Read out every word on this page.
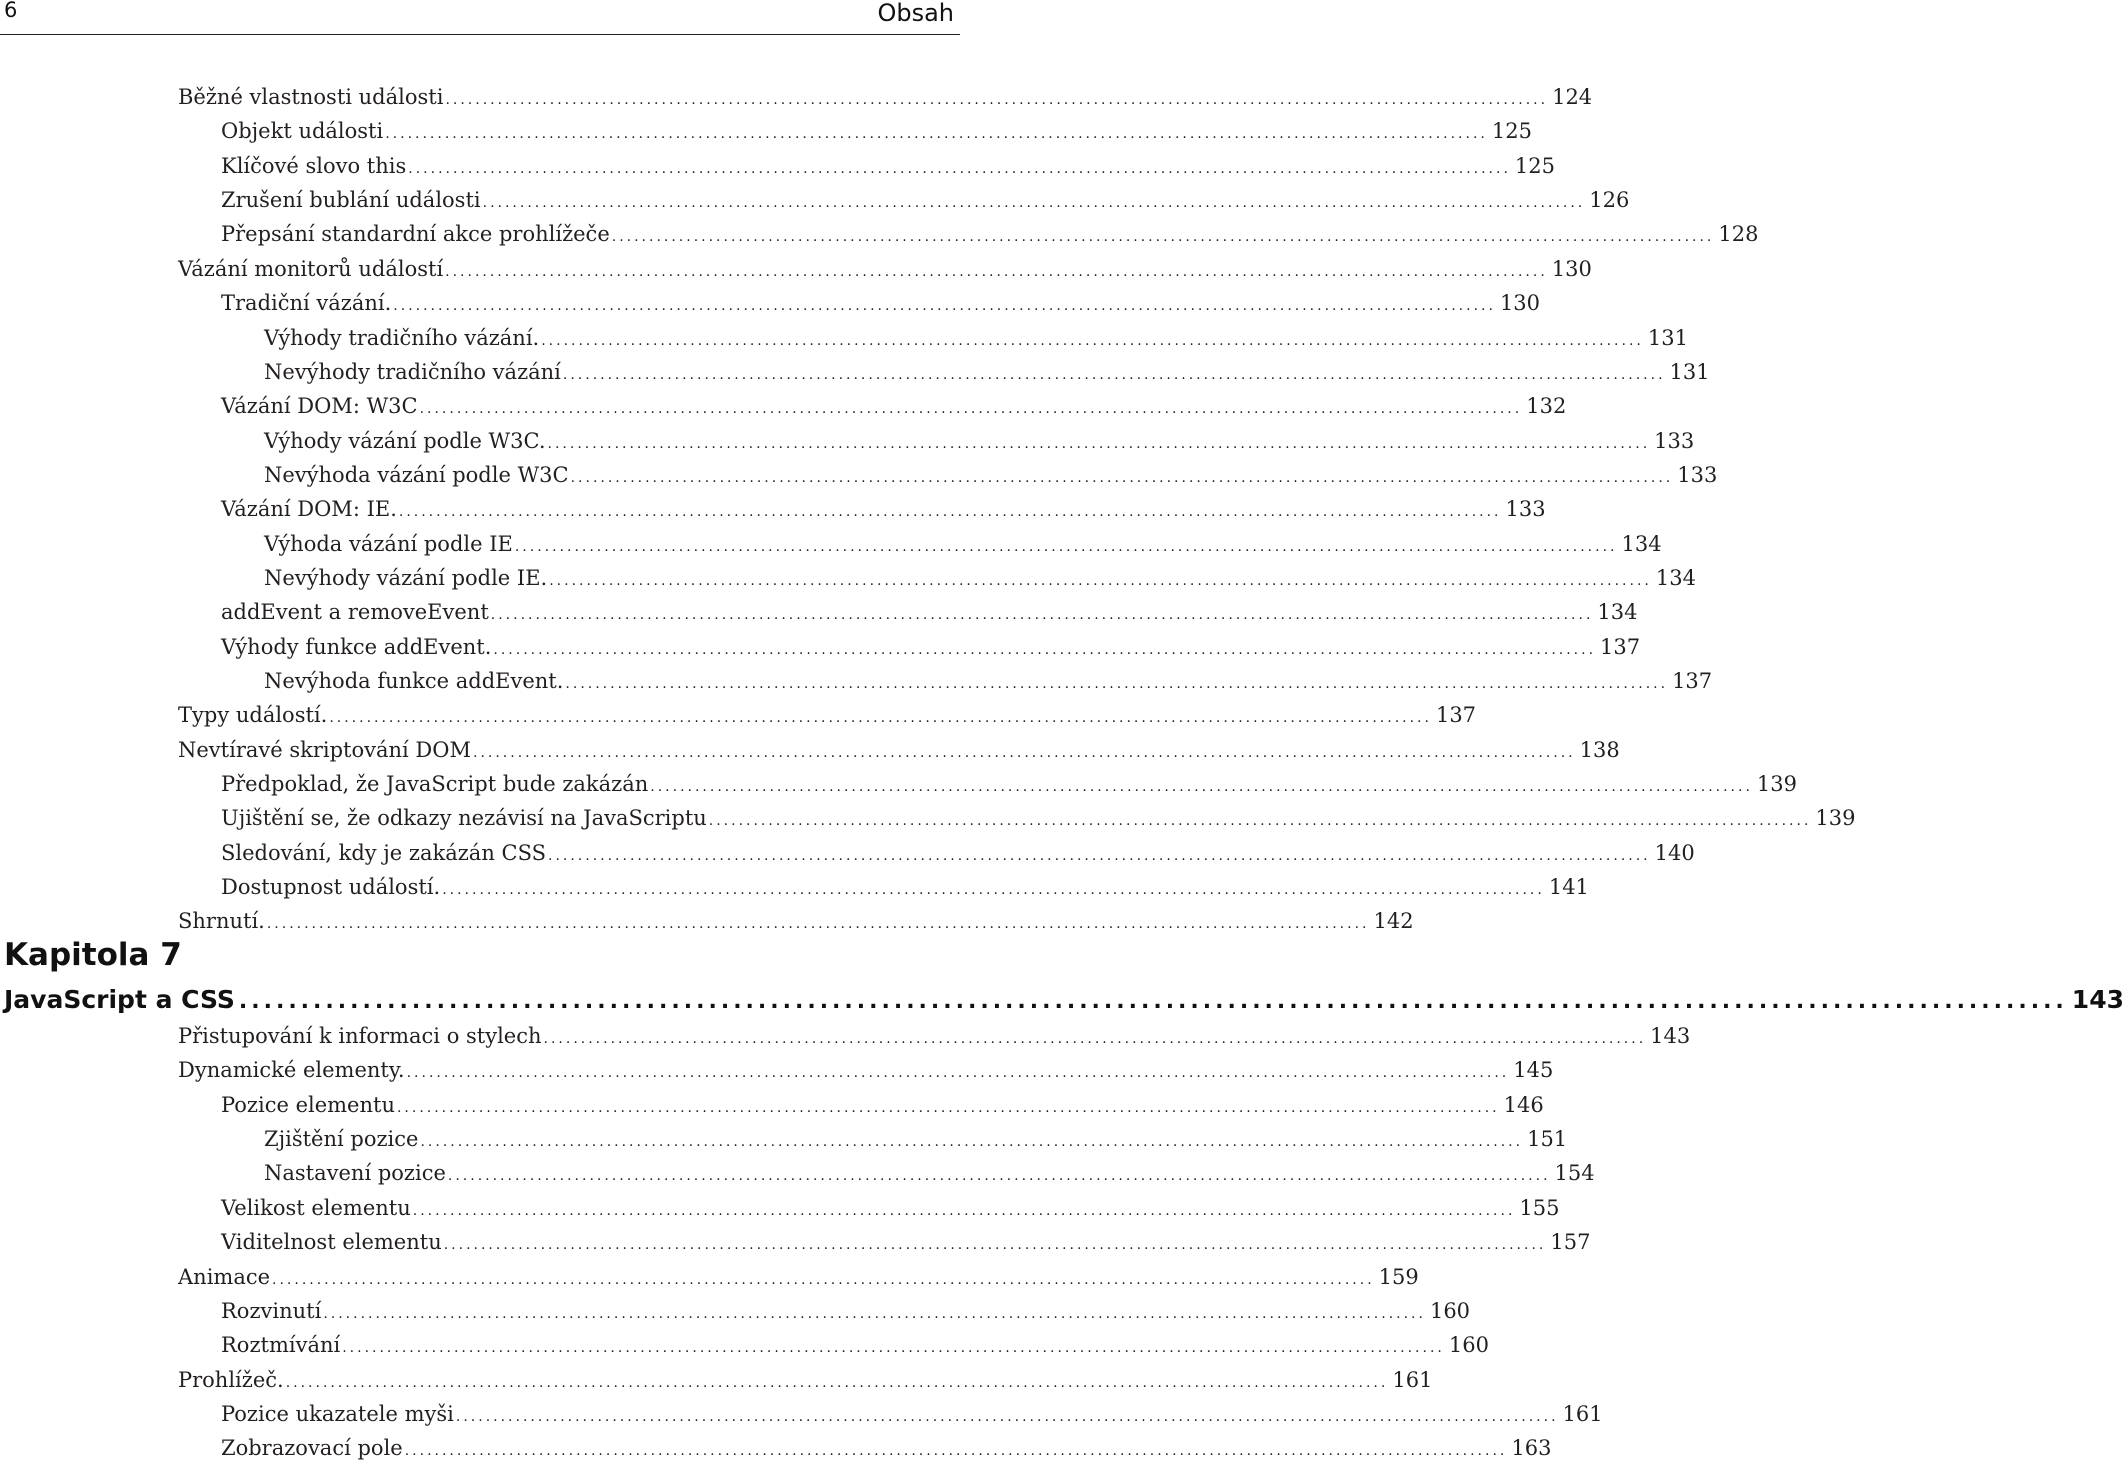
6	Obsah
Běžné vlastnosti události .................................................................................................................................................... 124
Objekt události .................................................................................................................................................... 125
Klíčové slovo this .................................................................................................................................................... 125
Zrušení bublání události .................................................................................................................................................... 126
Přepsání standardní akce prohlížeče .................................................................................................................................................... 128
Vázání monitorů událostí .................................................................................................................................................... 130
Tradiční vázání. .................................................................................................................................................... 130
Výhody tradičního vázání. .................................................................................................................................................... 131
Nevýhody tradičního vázání .................................................................................................................................................... 131
Vázání DOM: W3C .................................................................................................................................................... 132
Výhody vázání podle W3C. .................................................................................................................................................... 133
Nevýhoda vázání podle W3C .................................................................................................................................................... 133
Vázání DOM: IE. .................................................................................................................................................... 133
Výhoda vázání podle IE .................................................................................................................................................... 134
Nevýhody vázání podle IE. .................................................................................................................................................... 134
addEvent a removeEvent .................................................................................................................................................... 134
Výhody funkce addEvent. .................................................................................................................................................... 137
Nevýhoda funkce addEvent. .................................................................................................................................................... 137
Typy událostí. .................................................................................................................................................... 137
Nevtíravé skriptování DOM .................................................................................................................................................... 138
Předpoklad, že JavaScript bude zakázán .................................................................................................................................................... 139
Ujištění se, že odkazy nezávisí na JavaScriptu .................................................................................................................................................... 139
Sledování, kdy je zakázán CSS .................................................................................................................................................... 140
Dostupnost událostí. .................................................................................................................................................... 141
Shrnutí. .................................................................................................................................................... 142
Kapitola 7
JavaScript a CSS .................................................................................................................................................... 143
Přistupování k informaci o stylech .................................................................................................................................................... 143
Dynamické elementy. .................................................................................................................................................... 145
Pozice elementu .................................................................................................................................................... 146
Zjištění pozice .................................................................................................................................................... 151
Nastavení pozice .................................................................................................................................................... 154
Velikost elementu .................................................................................................................................................... 155
Viditelnost elementu .................................................................................................................................................... 157
Animace .................................................................................................................................................... 159
Rozvinutí .................................................................................................................................................... 160
Roztmívání .................................................................................................................................................... 160
Prohlížeč. .................................................................................................................................................... 161
Pozice ukazatele myši .................................................................................................................................................... 161
Zobrazovací pole .................................................................................................................................................... 163
